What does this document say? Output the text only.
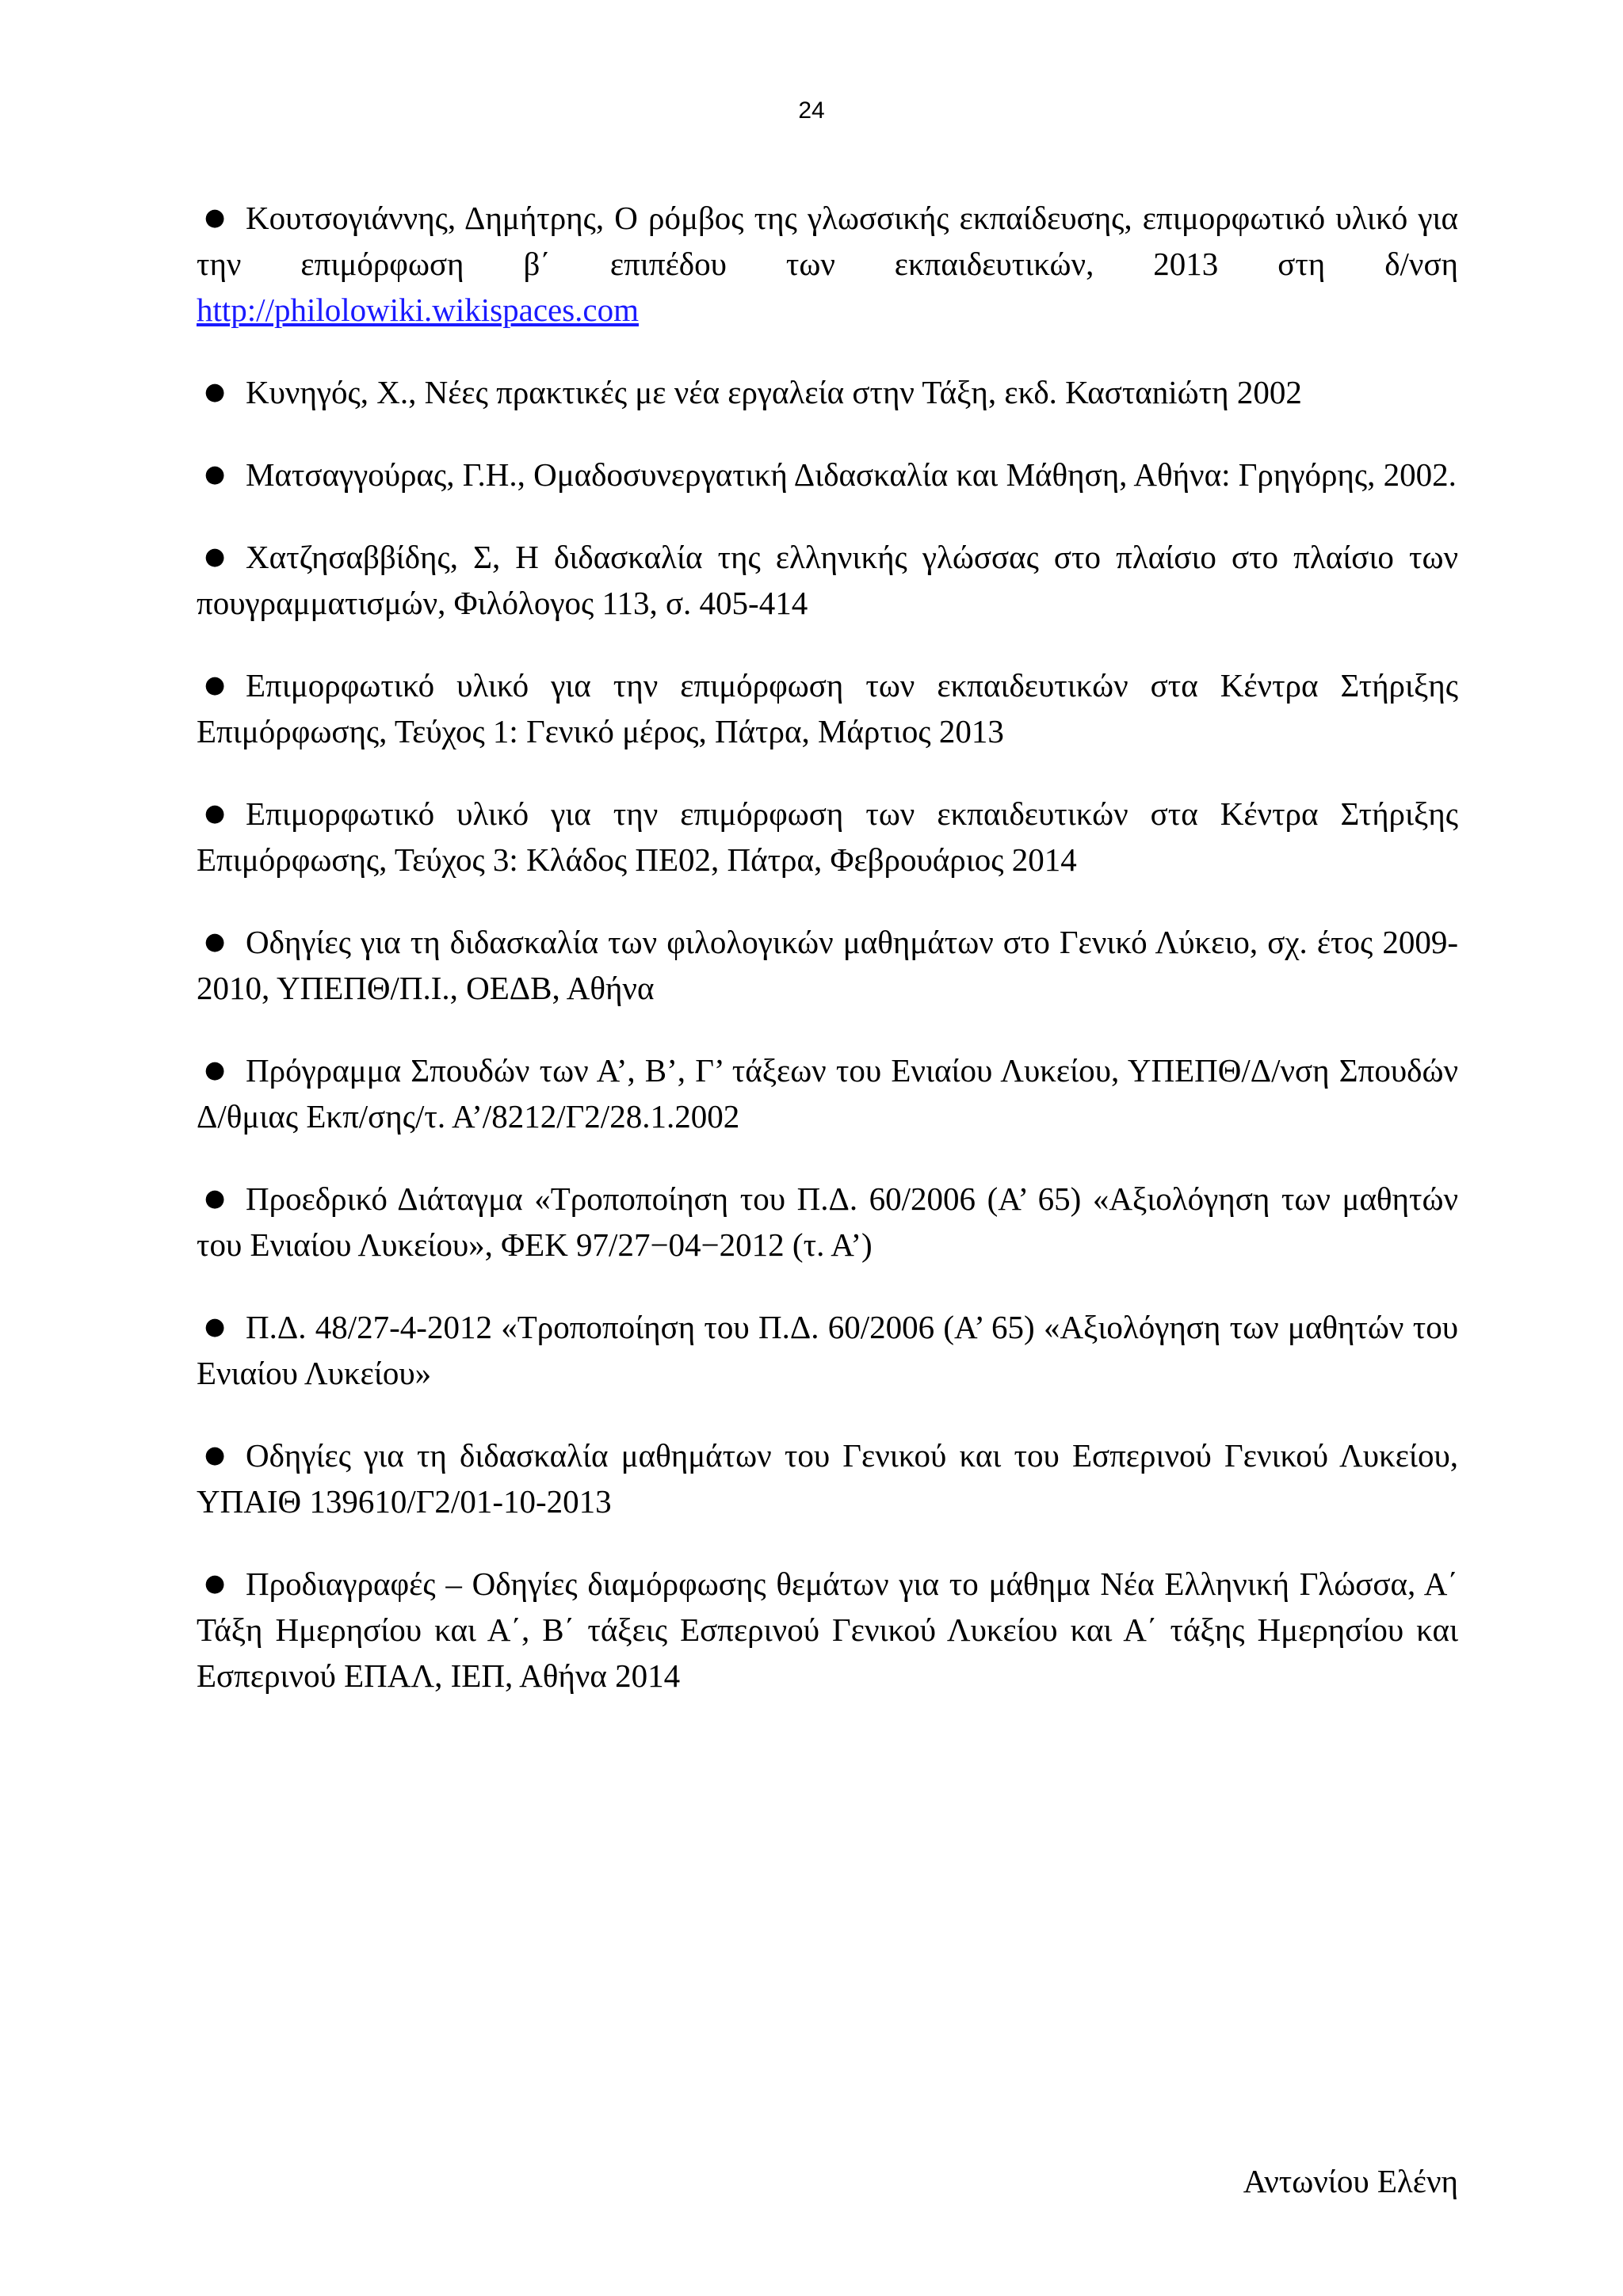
24
● Κουτσογιάννης, Δημήτρης, Ο ρόμβος της γλωσσικής εκπαίδευσης, επιμορφωτικό υλικό για την επιμόρφωση β΄ επιπέδου των εκπαιδευτικών, 2013 στη δ/νση http://philolowiki.wikispaces.com
● Κυνηγός, Χ., Νέες πρακτικές με νέα εργαλεία στην Τάξη, εκδ. Κασταniώτη 2002
● Ματσαγγούρας, Γ.Η., Ομαδοσυνεργατική Διδασκαλία και Μάθηση, Αθήνα: Γρηγόρης, 2002.
● Χατζησαββίδης, Σ, Η διδασκαλία της ελληνικής γλώσσας στο πλαίσιο στο πλαίσιο των πουγραμματισμών, Φιλόλογος 113, σ. 405-414
● Επιμορφωτικό υλικό για την επιμόρφωση των εκπαιδευτικών στα Κέντρα Στήριξης Επιμόρφωσης, Τεύχος 1: Γενικό μέρος, Πάτρα, Μάρτιος 2013
● Επιμορφωτικό υλικό για την επιμόρφωση των εκπαιδευτικών στα Κέντρα Στήριξης Επιμόρφωσης, Τεύχος 3: Κλάδος ΠΕ02, Πάτρα, Φεβρουάριος 2014
● Οδηγίες για τη διδασκαλία των φιλολογικών μαθημάτων στο Γενικό Λύκειο, σχ. έτος 2009-2010, ΥΠΕΠΘ/Π.Ι., ΟΕΔΒ, Αθήνα
● Πρόγραμμα Σπουδών των Α’, Β’, Γ’ τάξεων του Ενιαίου Λυκείου, ΥΠΕΠΘ/Δ/νση Σπουδών Δ/θμιας Εκπ/σης/τ. Α’/8212/Γ2/28.1.2002
● Προεδρικό Διάταγμα «Τροποποίηση του Π.Δ. 60/2006 (Α’ 65) «Αξιολόγηση των μαθητών του Ενιαίου Λυκείου», ΦΕΚ 97/27−04−2012 (τ. Α’)
● Π.Δ. 48/27-4-2012 «Τροποποίηση του Π.Δ. 60/2006 (Α’ 65) «Αξιολόγηση των μαθητών του Ενιαίου Λυκείου»
● Οδηγίες για τη διδασκαλία μαθημάτων του Γενικού και του Εσπερινού Γενικού Λυκείου, ΥΠΑΙΘ 139610/Γ2/01-10-2013
● Προδιαγραφές – Οδηγίες διαμόρφωσης θεμάτων για το μάθημα Νέα Ελληνική Γλώσσα, Α΄ Τάξη Ημερησίου και Α΄, Β΄ τάξεις Εσπερινού Γενικού Λυκείου και Α΄ τάξης Ημερησίου και Εσπερινού ΕΠΑΛ, ΙΕΠ, Αθήνα 2014
Αντωνίου Ελένη
